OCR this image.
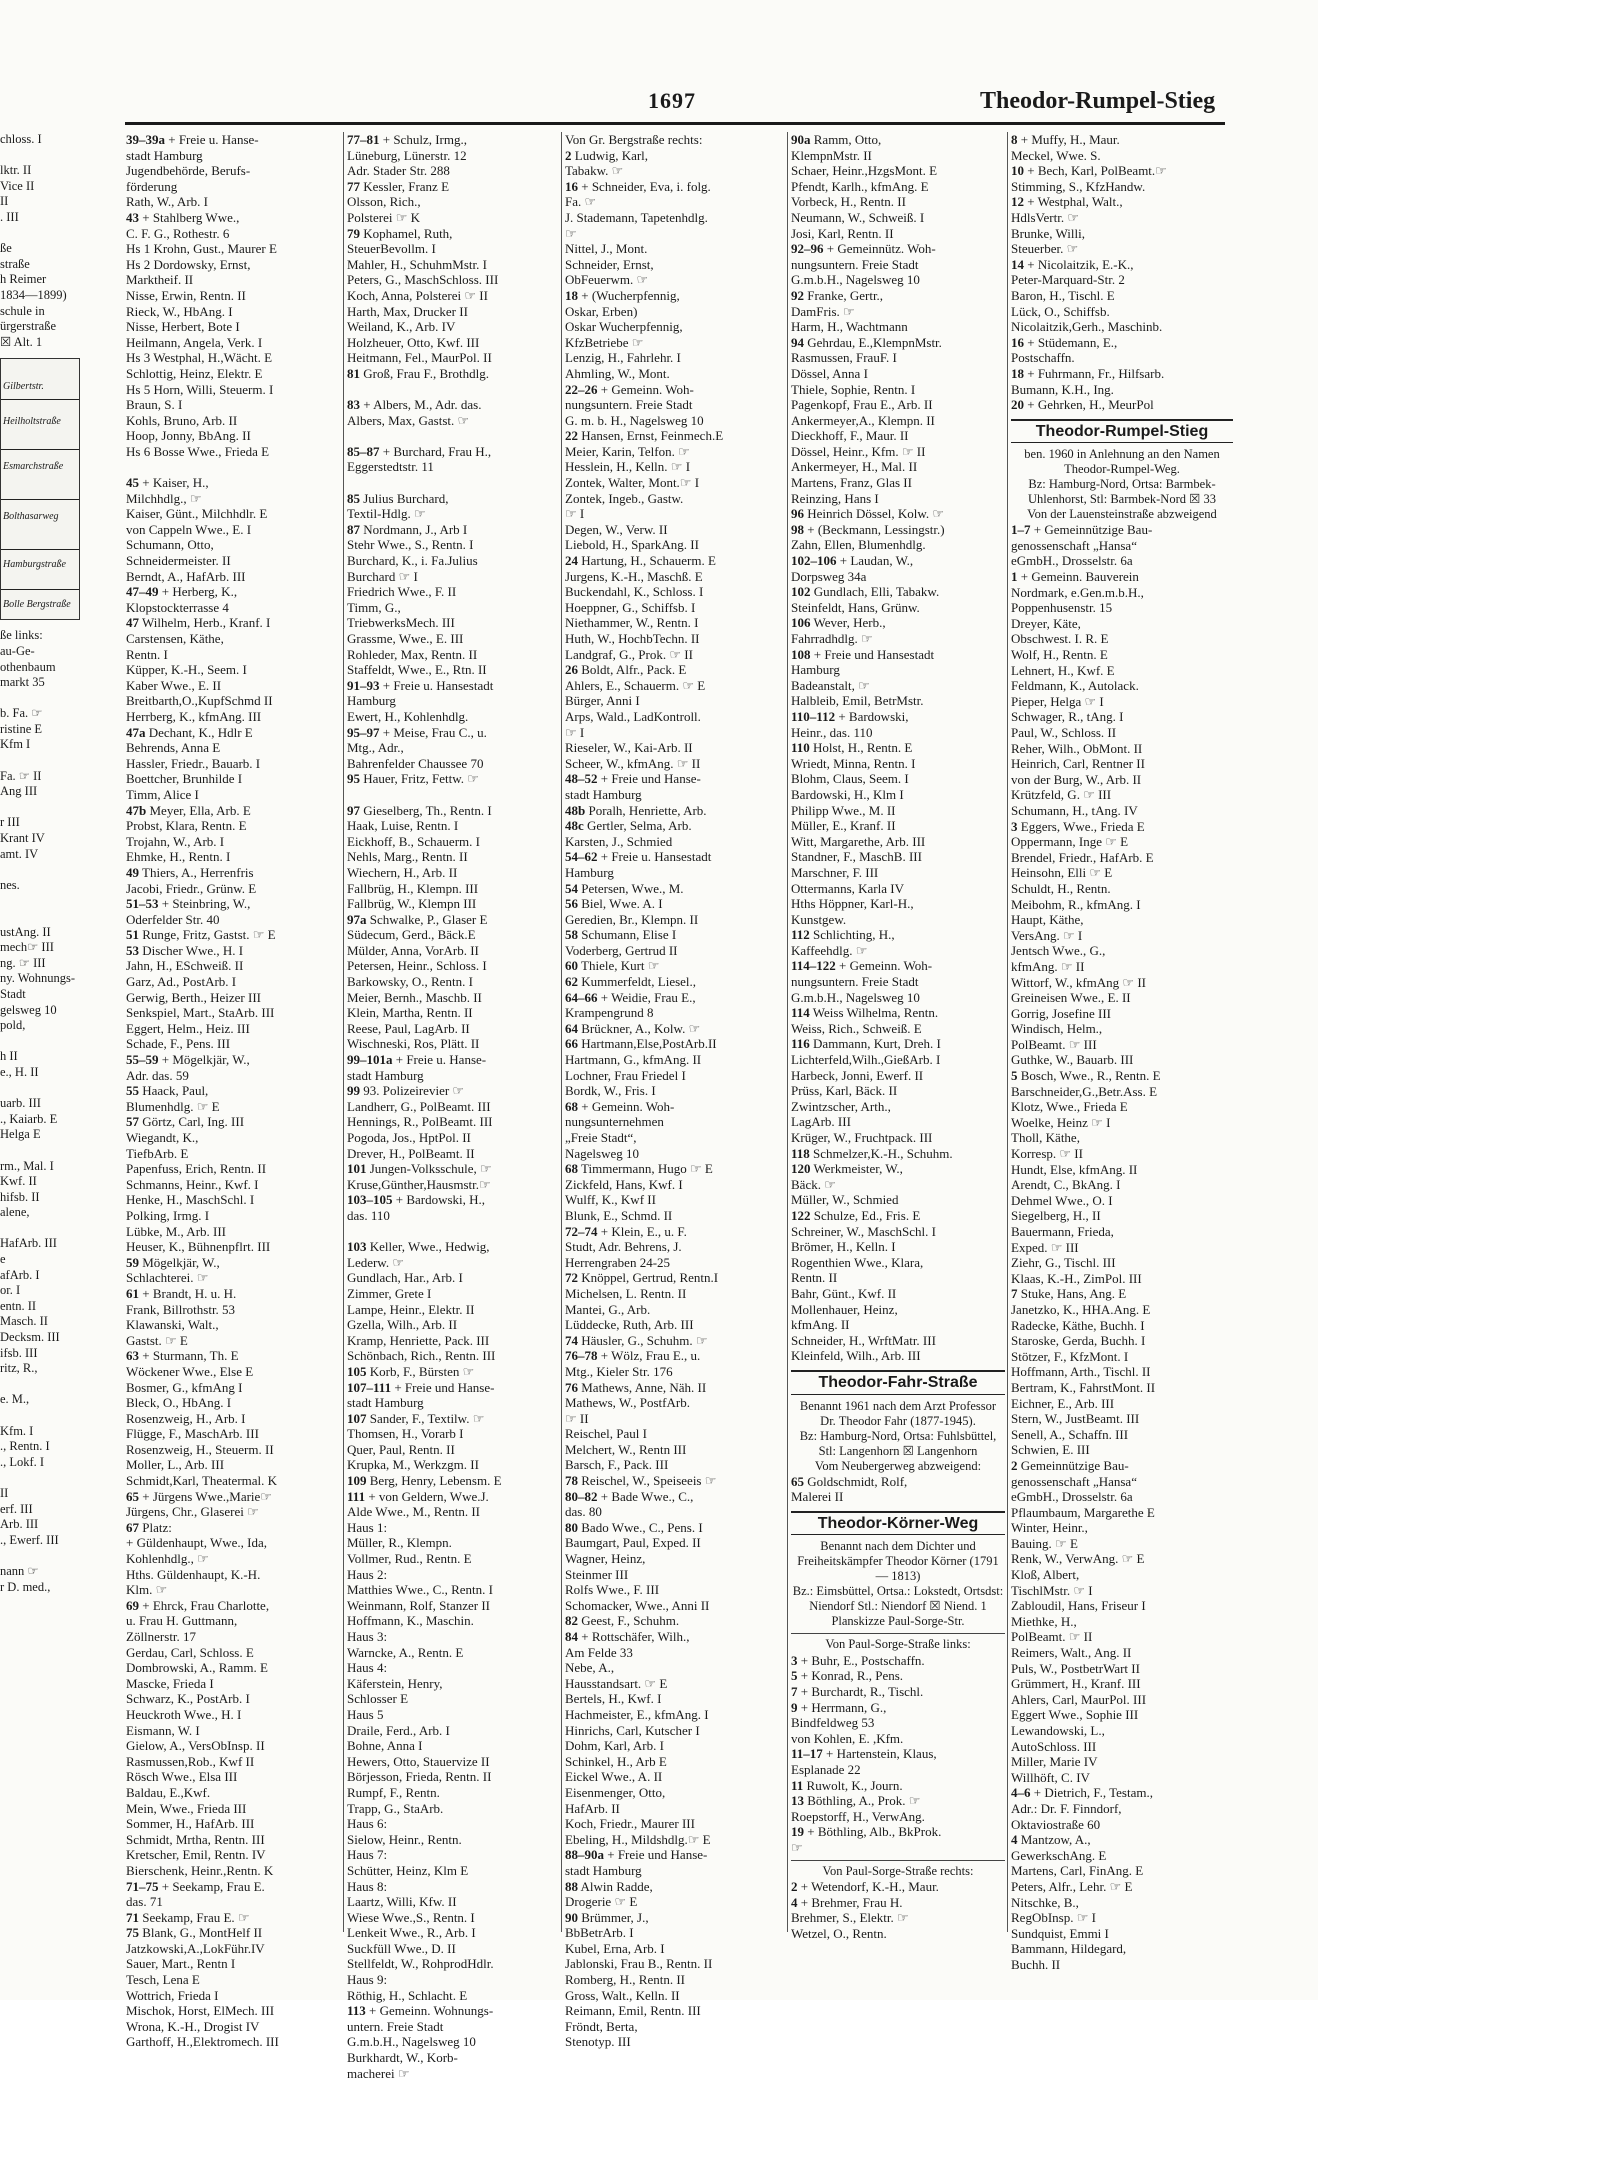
1697	Theodor-Rumpel-Stieg
chloss. I

lktr. II
Vice II
II
. III

ße
straße
h Reimer
1834—1899)
schule in
ürgerstraße
☒ Alt. 1
Gilbertstr.
Heilholtstraße
Esmarchstraße
Bolthasarweg
Hamburgstraße
Bolle Bergstraße
ße links:
au-Ge-
othenbaum
markt 35

b. Fa. ☞
ristine E
Kfm I

Fa. ☞ II
Ang III

r III
Krant IV
amt. IV

nes.

ustAng. II
mech☞ III
ng. ☞ III
ny. Wohnungs-
Stadt
gelsweg 10
pold,

h II
e., H. II

uarb. III
., Kaiarb. E
Helga E

rm., Mal. I
Kwf. II
hifsb. II
alene,

HafArb. III
e
afArb. I
or. I
entn. II
Masch. II
Decksm. III
ifsb. III
ritz, R.,

e. M.,

Kfm. I
., Rentn. I
., Lokf. I

II
erf. III
Arb. III
., Ewerf. III

nann ☞
r D. med.,
39–39a + Freie u. Hanse-
stadt Hamburg
Jugendbehörde, Berufs-
förderung
Rath, W., Arb. I
43 + Stahlberg Wwe.,
C. F. G., Rothestr. 6
Hs 1 Krohn, Gust., Maurer E
Hs 2 Dordowsky, Ernst,
Marktheif. II
Nisse, Erwin, Rentn. II
Rieck, W., HbAng. I
Nisse, Herbert, Bote I
Heilmann, Angela, Verk. I
Hs 3 Westphal, H.,Wächt. E
Schlottig, Heinz, Elektr. E
Hs 5 Horn, Willi, Steuerm. I
Braun, S. I
Kohls, Bruno, Arb. II
Hoop, Jonny, BbAng. II
Hs 6 Bosse Wwe., Frieda E

45 + Kaiser, H.,
Milchhdlg., ☞
Kaiser, Günt., Milchhdlr. E
von Cappeln Wwe., E. I
Schumann, Otto,
Schneidermeister. II
Berndt, A., HafArb. III
47–49 + Herberg, K.,
Klopstockterrasse 4
47 Wilhelm, Herb., Kranf. I
Carstensen, Käthe,
Rentn. I
Küpper, K.-H., Seem. I
Kaber Wwe., E. II
Breitbarth,O.,KupfSchmd II
Herrberg, K., kfmAng. III
47a Dechant, K., Hdlr E
Behrends, Anna E
Hassler, Friedr., Bauarb. I
Boettcher, Brunhilde I
Timm, Alice I
47b Meyer, Ella, Arb. E
Probst, Klara, Rentn. E
Trojahn, W., Arb. I
Ehmke, H., Rentn. I
49 Thiers, A., Herrenfris
Jacobi, Friedr., Grünw. E
51–53 + Steinbring, W.,
Oderfelder Str. 40
51 Runge, Fritz, Gastst. ☞ E
53 Discher Wwe., H. I
Jahn, H., ESchweiß. II
Garz, Ad., PostArb. I
Gerwig, Berth., Heizer III
Senkspiel, Mart., StaArb. III
Eggert, Helm., Heiz. III
Schade, F., Pens. III
55–59 + Mögelkjär, W.,
Adr. das. 59
55 Haack, Paul,
Blumenhdlg. ☞ E
57 Görtz, Carl, Ing. III
Wiegandt, K.,
TiefbArb. E
Papenfuss, Erich, Rentn. II
Schmanns, Heinr., Kwf. I
Henke, H., MaschSchl. I
Polking, Irmg. I
Lübke, M., Arb. III
Heuser, K., Bühnenpflrt. III
59 Mögelkjär, W.,
Schlachterei. ☞
61 + Brandt, H. u. H.
Frank, Billrothstr. 53
Klawanski, Walt.,
Gastst. ☞ E
63 + Sturmann, Th. E
Wöckener Wwe., Else E
Bosmer, G., kfmAng I
Bleck, O., HbAng. I
Rosenzweig, H., Arb. I
Flügge, F., MaschArb. III
Rosenzweig, H., Steuerm. II
Moller, L., Arb. III
Schmidt,Karl, Theatermal. K
65 + Jürgens Wwe.,Marie☞
Jürgens, Chr., Glaserei ☞
67 Platz:
+ Güldenhaupt, Wwe., Ida,
Kohlenhdlg., ☞
Hths. Güldenhaupt, K.-H.
Klm. ☞
69 + Ehrck, Frau Charlotte,
u. Frau H. Guttmann,
Zöllnerstr. 17
Gerdau, Carl, Schloss. E
Dombrowski, A., Ramm. E
Mascke, Frieda I
Schwarz, K., PostArb. I
Heuckroth Wwe., H. I
Eismann, W. I
Gielow, A., VersObInsp. II
Rasmussen,Rob., Kwf II
Rösch Wwe., Elsa III
Baldau, E.,Kwf.
Mein, Wwe., Frieda III
Sommer, H., HafArb. III
Schmidt, Mrtha, Rentn. III
Kretscher, Emil, Rentn. IV
Bierschenk, Heinr.,Rentn. K
71–75 + Seekamp, Frau E.
das. 71
71 Seekamp, Frau E. ☞
75 Blank, G., MontHelf II
Jatzkowski,A.,LokFühr.IV
Sauer, Mart., Rentn I
Tesch, Lena E
Wottrich, Frieda I
Mischok, Horst, ElMech. III
Wrona, K.-H., Drogist IV
Garthoff, H.,Elektromech. III
77–81 + Schulz, Irmg.,
Lüneburg, Lünerstr. 12
Adr. Stader Str. 288
77 Kessler, Franz E
Olsson, Rich.,
Polsterei ☞ K
79 Kophamel, Ruth,
SteuerBevollm. I
Mahler, H., SchuhmMstr. I
Peters, G., MaschSchloss. III
Koch, Anna, Polsterei ☞ II
Harth, Max, Drucker II
Weiland, K., Arb. IV
Holzheuer, Otto, Kwf. III
Heitmann, Fel., MaurPol. II
81 Groß, Frau F., Brothdlg.

83 + Albers, M., Adr. das.
Albers, Max, Gastst. ☞

85–87 + Burchard, Frau H.,
Eggerstedtstr. 11

85 Julius Burchard,
Textil-Hdlg. ☞
87 Nordmann, J., Arb I
Stehr Wwe., S., Rentn. I
Burchard, K., i. Fa.Julius
Burchard ☞ I
Friedrich Wwe., F. II
Timm, G.,
TriebwerksMech. III
Grassme, Wwe., E. III
Rohleder, Max, Rentn. II
Staffeldt, Wwe., E., Rtn. II
91–93 + Freie u. Hansestadt
Hamburg
Ewert, H., Kohlenhdlg.
95–97 + Meise, Frau C., u.
Mtg., Adr.,
Bahrenfelder Chaussee 70
95 Hauer, Fritz, Fettw. ☞

97 Gieselberg, Th., Rentn. I
Haak, Luise, Rentn. I
Eickhoff, B., Schauerm. I
Nehls, Marg., Rentn. II
Wiechern, H., Arb. II
Fallbrüg, H., Klempn. III
Fallbrüg, W., Klempn III
97a Schwalke, P., Glaser E
Südecum, Gerd., Bäck.E
Mülder, Anna, VorArb. II
Petersen, Heinr., Schloss. I
Barkowsky, O., Rentn. I
Meier, Bernh., Maschb. II
Klein, Martha, Rentn. II
Reese, Paul, LagArb. II
Wischneski, Ros, Plätt. II
99–101a + Freie u. Hanse-
stadt Hamburg
99 93. Polizeirevier ☞
Landherr, G., PolBeamt. III
Hennings, R., PolBeamt. III
Pogoda, Jos., HptPol. II
Drever, H., PolBeamt. II
101 Jungen-Volksschule, ☞
Kruse,Günther,Hausmstr.☞
103–105 + Bardowski, H.,
das. 110

103 Keller, Wwe., Hedwig,
Lederw. ☞
Gundlach, Har., Arb. I
Zimmer, Grete I
Lampe, Heinr., Elektr. II
Gzella, Wilh., Arb. II
Kramp, Henriette, Pack. III
Schönbach, Rich., Rentn. III
105 Korb, F., Bürsten ☞
107–111 + Freie und Hanse-
stadt Hamburg
107 Sander, F., Textilw. ☞
Thomsen, H., Vorarb I
Quer, Paul, Rentn. II
Krupka, M., Werkzgm. II
109 Berg, Henry, Lebensm. E
111 + von Geldern, Wwe.J.
Alde Wwe., M., Rentn. II
Haus 1:
Müller, R., Klempn.
Vollmer, Rud., Rentn. E
Haus 2:
Matthies Wwe., C., Rentn. I
Weinmann, Rolf, Stanzer II
Hoffmann, K., Maschin.
Haus 3:
Warncke, A., Rentn. E
Haus 4:
Käferstein, Henry,
Schlosser E
Haus 5
Draile, Ferd., Arb. I
Bohne, Anna I
Hewers, Otto, Stauervize II
Börjesson, Frieda, Rentn. II
Rumpf, F., Rentn.
Trapp, G., StaArb.
Haus 6:
Sielow, Heinr., Rentn.
Haus 7:
Schütter, Heinz, Klm E
Haus 8:
Laartz, Willi, Kfw. II
Wiese Wwe.,S., Rentn. I
Lenkeit Wwe., R., Arb. I
Suckfüll Wwe., D. II
Stellfeldt, W., RohprodHdlr.
Haus 9:
Röthig, H., Schlacht. E
113 + Gemeinn. Wohnungs-
untern. Freie Stadt
G.m.b.H., Nagelsweg 10
Burkhardt, W., Korb-
macherei ☞
Von Gr. Bergstraße rechts:
2 Ludwig, Karl,
Tabakw. ☞
16 + Schneider, Eva, i. folg.
Fa. ☞
J. Stademann, Tapetenhdlg.
☞
Nittel, J., Mont.
Schneider, Ernst,
ObFeuerwm. ☞
18 + (Wucherpfennig,
Oskar, Erben)
Oskar Wucherpfennig,
KfzBetriebe ☞
Lenzig, H., Fahrlehr. I
Ahmling, W., Mont.
22–26 + Gemeinn. Woh-
nungsuntern. Freie Stadt
G. m. b. H., Nagelsweg 10
22 Hansen, Ernst, Feinmech.E
Meier, Karin, Telfon. ☞
Hesslein, H., Kelln. ☞ I
Zontek, Walter, Mont.☞ I
Zontek, Ingeb., Gastw.
☞ I
Degen, W., Verw. II
Liebold, H., SparkAng. II
24 Hartung, H., Schauerm. E
Jurgens, K.-H., Maschß. E
Buckendahl, K., Schloss. I
Hoeppner, G., Schiffsb. I
Niethammer, W., Rentn. I
Huth, W., HochbTechn. II
Landgraf, G., Prok. ☞ II
26 Boldt, Alfr., Pack. E
Ahlers, E., Schauerm. ☞ E
Bürger, Anni I
Arps, Wald., LadKontroll.
☞ I
Rieseler, W., Kai-Arb. II
Scheer, W., kfmAng. ☞ II
48–52 + Freie und Hanse-
stadt Hamburg
48b Poralh, Henriette, Arb.
48c Gertler, Selma, Arb.
Karsten, J., Schmied
54–62 + Freie u. Hansestadt
Hamburg
54 Petersen, Wwe., M.
56 Biel, Wwe. A. I
Geredien, Br., Klempn. II
58 Schumann, Elise I
Voderberg, Gertrud II
60 Thiele, Kurt ☞
62 Kummerfeldt, Liesel.,
64–66 + Weidie, Frau E.,
Krampengrund 8
64 Brückner, A., Kolw. ☞
66 Hartmann,Else,PostArb.II
Hartmann, G., kfmAng. II
Lochner, Frau Friedel I
Bordk, W., Fris. I
68 + Gemeinn. Woh-
nungsunternehmen
„Freie Stadt“,
Nagelsweg 10
68 Timmermann, Hugo ☞ E
Zickfeld, Hans, Kwf. I
Wulff, K., Kwf II
Blunk, E., Schmd. II
72–74 + Klein, E., u. F.
Studt, Adr. Behrens, J.
Herrengraben 24-25
72 Knöppel, Gertrud, Rentn.I
Michelsen, L. Rentn. II
Mantei, G., Arb.
Lüddecke, Ruth, Arb. III
74 Häusler, G., Schuhm. ☞
76–78 + Wölz, Frau E., u.
Mtg., Kieler Str. 176
76 Mathews, Anne, Näh. II
Mathews, W., PostfArb.
☞ II
Reischel, Paul I
Melchert, W., Rentn III
Barsch, F., Pack. III
78 Reischel, W., Speiseeis ☞
80–82 + Bade Wwe., C.,
das. 80
80 Bado Wwe., C., Pens. I
Baumgart, Paul, Exped. II
Wagner, Heinz,
Steinmer III
Rolfs Wwe., F. III
Schomacker, Wwe., Anni II
82 Geest, F., Schuhm.
84 + Rottschäfer, Wilh.,
Am Felde 33
Nebe, A.,
Hausstandsart. ☞ E
Bertels, H., Kwf. I
Hachmeister, E., kfmAng. I
Hinrichs, Carl, Kutscher I
Dohm, Karl, Arb. I
Schinkel, H., Arb E
Eickel Wwe., A. II
Eisenmenger, Otto,
HafArb. II
Koch, Friedr., Maurer III
Ebeling, H., Mildshdlg.☞ E
88–90a + Freie und Hanse-
stadt Hamburg
88 Alwin Radde,
Drogerie ☞ E
90 Brümmer, J.,
BbBetrArb. I
Kubel, Erna, Arb. I
Jablonski, Frau B., Rentn. II
Romberg, H., Rentn. II
Gross, Walt., Kelln. II
Reimann, Emil, Rentn. III
Fröndt, Berta,
Stenotyp. III
90a Ramm, Otto,
KlempnMstr. II
Schaer, Heinr.,HzgsMont. E
Pfendt, Karlh., kfmAng. E
Vorbeck, H., Rentn. II
Neumann, W., Schweiß. I
Josi, Karl, Rentn. II
92–96 + Gemeinnütz. Woh-
nungsuntern. Freie Stadt
G.m.b.H., Nagelsweg 10
92 Franke, Gertr.,
DamFris. ☞
Harm, H., Wachtmann
94 Gehrdau, E.,KlempnMstr.
Rasmussen, FrauF. I
Dössel, Anna I
Thiele, Sophie, Rentn. I
Pagenkopf, Frau E., Arb. II
Ankermeyer,A., Klempn. II
Dieckhoff, F., Maur. II
Dössel, Heinr., Kfm. ☞ II
Ankermeyer, H., Mal. II
Martens, Franz, Glas II
Reinzing, Hans I
96 Heinrich Dössel, Kolw. ☞
98 + (Beckmann, Lessingstr.)
Zahn, Ellen, Blumenhdlg.
102–106 + Laudan, W.,
Dorpsweg 34a
102 Gundlach, Elli, Tabakw.
Steinfeldt, Hans, Grünw.
106 Wever, Herb.,
Fahrradhdlg. ☞
108 + Freie und Hansestadt
Hamburg
Badeanstalt, ☞
Halbleib, Emil, BetrMstr.
110–112 + Bardowski,
Heinr., das. 110
110 Holst, H., Rentn. E
Wriedt, Minna, Rentn. I
Blohm, Claus, Seem. I
Bardowski, H., Klm I
Philipp Wwe., M. II
Müller, E., Kranf. II
Witt, Margarethe, Arb. III
Standner, F., MaschB. III
Marschner, F. III
Ottermanns, Karla IV
Hths Höppner, Karl-H.,
Kunstgew.
112 Schlichting, H.,
Kaffeehdlg. ☞
114–122 + Gemeinn. Woh-
nungsuntern. Freie Stadt
G.m.b.H., Nagelsweg 10
114 Weiss Wilhelma, Rentn.
Weiss, Rich., Schweiß. E
116 Dammann, Kurt, Dreh. I
Lichterfeld,Wilh.,GießArb. I
Harbeck, Jonni, Ewerf. II
Prüss, Karl, Bäck. II
Zwintzscher, Arth.,
LagArb. III
Krüger, W., Fruchtpack. III
118 Schmelzer,K.-H., Schuhm.
120 Werkmeister, W.,
Bäck. ☞
Müller, W., Schmied
122 Schulze, Ed., Fris. E
Schreiner, W., MaschSchl. I
Brömer, H., Kelln. I
Rogenthien Wwe., Klara,
Rentn. II
Bahr, Günt., Kwf. II
Mollenhauer, Heinz,
kfmAng. II
Schneider, H., WrftMatr. III
Kleinfeld, Wilh., Arb. III
Theodor-Fahr-Straße
Benannt 1961 nach dem Arzt Professor Dr. Theodor Fahr (1877-1945).
Bz: Hamburg-Nord, Ortsa: Fuhlsbüttel, Stl: Langenhorn ☒ Langenhorn
Vom Neubergerweg abzweigend:
65 Goldschmidt, Rolf,
Malerei II
Theodor-Körner-Weg
Benannt nach dem Dichter und Freiheitskämpfer Theodor Körner (1791 — 1813)
Bz.: Eimsbüttel, Ortsa.: Lokstedt, Ortsdst: Niendorf Stl.: Niendorf ☒ Niend. 1 Planskizze Paul-Sorge-Str.
Von Paul-Sorge-Straße links:
3 + Buhr, E., Postschaffn.
5 + Konrad, R., Pens.
7 + Burchardt, R., Tischl.
9 + Herrmann, G.,
Bindfeldweg 53
von Kohlen, E. ,Kfm.
11–17 + Hartenstein, Klaus,
Esplanade 22
11 Ruwolt, K., Journ.
13 Böthling, A., Prok. ☞
Roepstorff, H., VerwAng.
19 + Böthling, Alb., BkProk.
☞
Von Paul-Sorge-Straße rechts:
2 + Wetendorf, K.-H., Maur.
4 + Brehmer, Frau H.
Brehmer, S., Elektr. ☞
Wetzel, O., Rentn.
8 + Muffy, H., Maur.
Meckel, Wwe. S.
10 + Bech, Karl, PolBeamt.☞
Stimming, S., KfzHandw.
12 + Westphal, Walt.,
HdlsVertr. ☞
Brunke, Willi,
Steuerber. ☞
14 + Nicolaitzik, E.-K.,
Peter-Marquard-Str. 2
Baron, H., Tischl. E
Lück, O., Schiffsb.
Nicolaitzik,Gerh., Maschinb.
16 + Stüdemann, E.,
Postschaffn.
18 + Fuhrmann, Fr., Hilfsarb.
Bumann, K.H., Ing.
20 + Gehrken, H., MeurPol
Theodor-Rumpel-Stieg
ben. 1960 in Anlehnung an den Namen Theodor-Rumpel-Weg.
Bz: Hamburg-Nord, Ortsa: Barmbek-Uhlenhorst, Stl: Barmbek-Nord ☒ 33
Von der Lauensteinstraße abzweigend
1–7 + Gemeinnützige Bau-
genossenschaft „Hansa“
eGmbH., Drosselstr. 6a
1 + Gemeinn. Bauverein
Nordmark, e.Gen.m.b.H.,
Poppenhusenstr. 15
Dreyer, Käte,
Obschwest. I. R. E
Wolf, H., Rentn. E
Lehnert, H., Kwf. E
Feldmann, K., Autolack.
Pieper, Helga ☞ I
Schwager, R., tAng. I
Paul, W., Schloss. II
Reher, Wilh., ObMont. II
Heinrich, Carl, Rentner II
von der Burg, W., Arb. II
Krützfeld, G. ☞ III
Schumann, H., tAng. IV
3 Eggers, Wwe., Frieda E
Oppermann, Inge ☞ E
Brendel, Friedr., HafArb. E
Heinsohn, Elli ☞ E
Schuldt, H., Rentn.
Meibohm, R., kfmAng. I
Haupt, Käthe,
VersAng. ☞ I
Jentsch Wwe., G.,
kfmAng. ☞ II
Wittorf, W., kfmAng ☞ II
Greineisen Wwe., E. II
Gorrig, Josefine III
Windisch, Helm.,
PolBeamt. ☞ III
Guthke, W., Bauarb. III
5 Bosch, Wwe., R., Rentn. E
Barschneider,G.,Betr.Ass. E
Klotz, Wwe., Frieda E
Woelke, Heinz ☞ I
Tholl, Käthe,
Korresp. ☞ II
Hundt, Else, kfmAng. II
Arendt, C., BkAng. I
Dehmel Wwe., O. I
Siegelberg, H., II
Bauermann, Frieda,
Exped. ☞ III
Ziehr, G., Tischl. III
Klaas, K.-H., ZimPol. III
7 Stuke, Hans, Ang. E
Janetzko, K., HHA.Ang. E
Radecke, Käthe, Buchh. I
Staroske, Gerda, Buchh. I
Stötzer, F., KfzMont. I
Hoffmann, Arth., Tischl. II
Bertram, K., FahrstMont. II
Eichner, E., Arb. III
Stern, W., JustBeamt. III
Senell, A., Schaffn. III
Schwien, E. III
2 Gemeinnützige Bau-
genossenschaft „Hansa“
eGmbH., Drosselstr. 6a
Pflaumbaum, Margarethe E
Winter, Heinr.,
Bauing. ☞ E
Renk, W., VerwAng. ☞ E
Kloß, Albert,
TischlMstr. ☞ I
Zabloudil, Hans, Friseur I
Miethke, H.,
PolBeamt. ☞ II
Reimers, Walt., Ang. II
Puls, W., PostbetrWart II
Grümmert, H., Kranf. III
Ahlers, Carl, MaurPol. III
Eggert Wwe., Sophie III
Lewandowski, L.,
AutoSchloss. III
Miller, Marie IV
Willhöft, C. IV
4–6 + Dietrich, F., Testam.,
Adr.: Dr. F. Finndorf,
Oktaviostraße 60
4 Mantzow, A.,
GewerkschAng. E
Martens, Carl, FinAng. E
Peters, Alfr., Lehr. ☞ E
Nitschke, B.,
RegObInsp. ☞ I
Sundquist, Emmi I
Bammann, Hildegard,
Buchh. II
